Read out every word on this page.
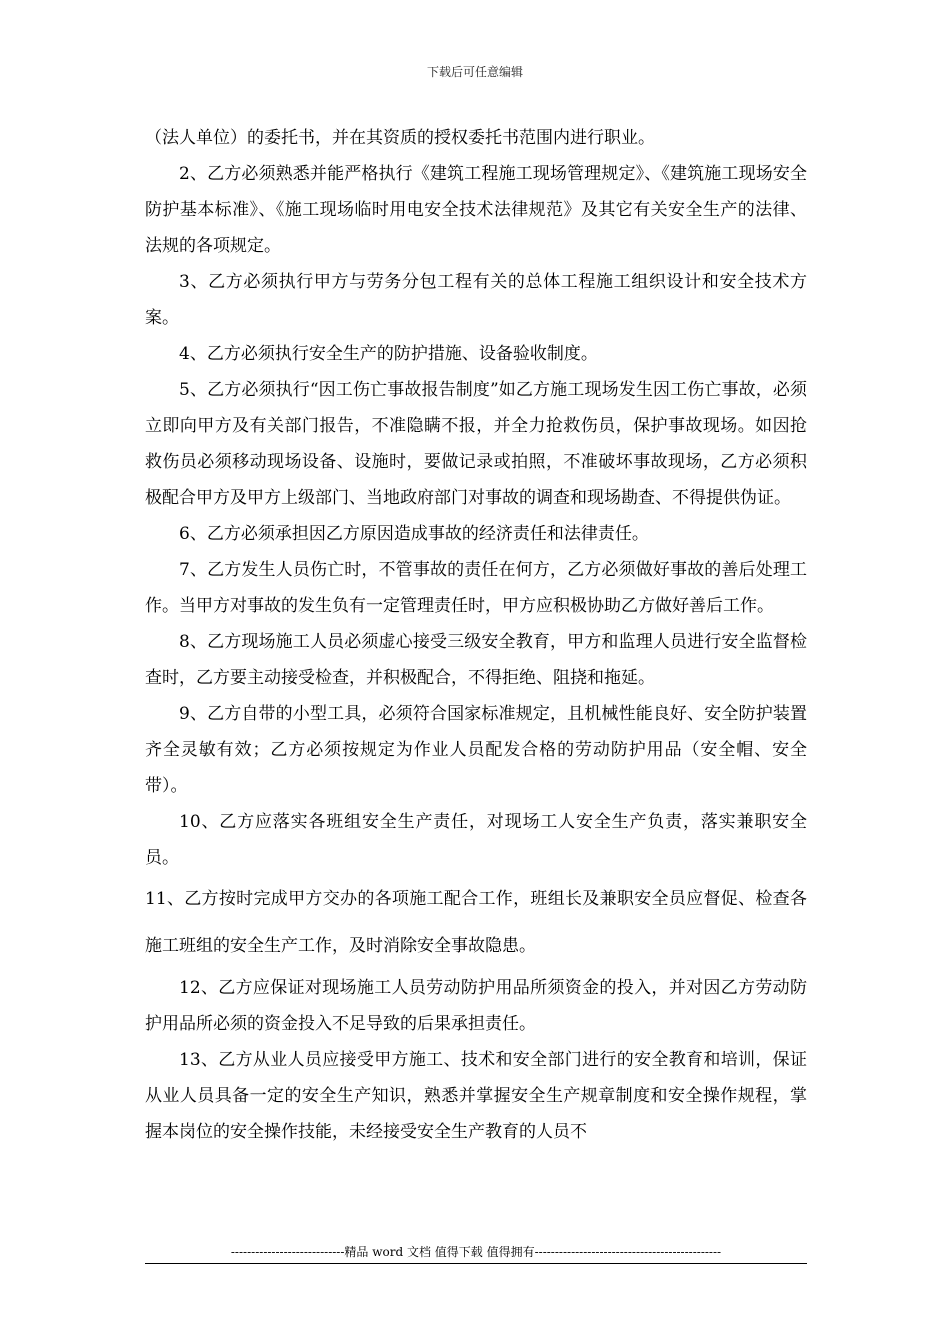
下载后可任意编辑

（法人单位）的委托书，并在其资质的授权委托书范围内进行职业。

2、乙方必须熟悉并能严格执行《建筑工程施工现场管理规定》、《建筑施工现场安全防护基本标准》、《施工现场临时用电安全技术法律规范》及其它有关安全生产的法律、法规的各项规定。

3、乙方必须执行甲方与劳务分包工程有关的总体工程施工组织设计和安全技术方案。

4、乙方必须执行安全生产的防护措施、设备验收制度。

5、乙方必须执行“因工伤亡事故报告制度”如乙方施工现场发生因工伤亡事故，必须立即向甲方及有关部门报告，不准隐瞒不报，并全力抢救伤员，保护事故现场。如因抢救伤员必须移动现场设备、设施时，要做记录或拍照，不准破坏事故现场，乙方必须积极配合甲方及甲方上级部门、当地政府部门对事故的调查和现场勘查、不得提供伪证。

6、乙方必须承担因乙方原因造成事故的经济责任和法律责任。

7、乙方发生人员伤亡时，不管事故的责任在何方，乙方必须做好事故的善后处理工作。当甲方对事故的发生负有一定管理责任时，甲方应积极协助乙方做好善后工作。

8、乙方现场施工人员必须虚心接受三级安全教育，甲方和监理人员进行安全监督检查时，乙方要主动接受检查，并积极配合，不得拒绝、阻挠和拖延。

9、乙方自带的小型工具，必须符合国家标准规定，且机械性能良好、安全防护装置齐全灵敏有效；乙方必须按规定为作业人员配发合格的劳动防护用品（安全帽、安全带）。

10、乙方应落实各班组安全生产责任，对现场工人安全生产负责，落实兼职安全员。

11、乙方按时完成甲方交办的各项施工配合工作，班组长及兼职安全员应督促、检查各施工班组的安全生产工作，及时消除安全事故隐患。

12、乙方应保证对现场施工人员劳动防护用品所须资金的投入，并对因乙方劳动防护用品所必须的资金投入不足导致的后果承担责任。

13、乙方从业人员应接受甲方施工、技术和安全部门进行的安全教育和培训，保证从业人员具备一定的安全生产知识，熟悉并掌握安全生产规章制度和安全操作规程，掌握本岗位的安全操作技能，未经接受安全生产教育的人员不

----------------------------精品 word 文档 值得下载 值得拥有----------------------------------------------
